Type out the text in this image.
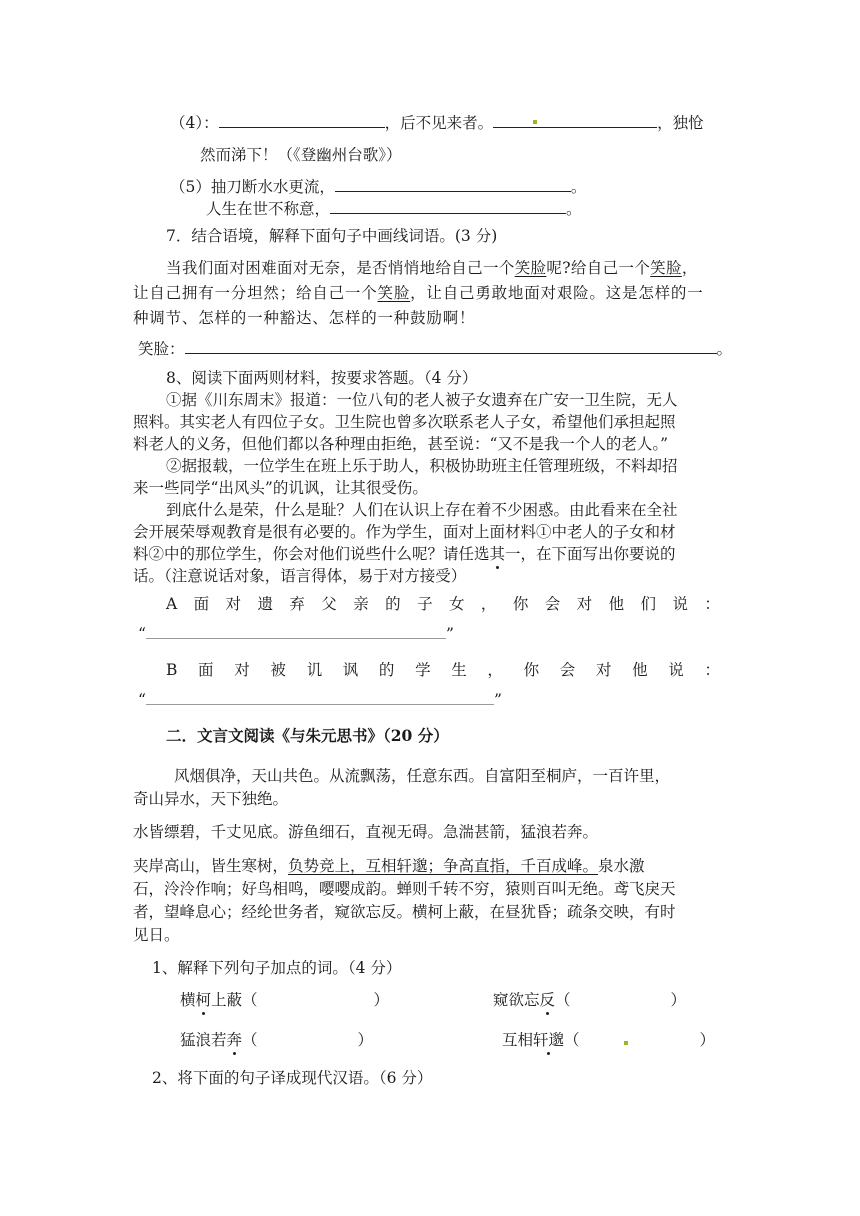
（4）：	，后不见来者。	，独怆
然而涕下！（《登幽州台歌》）
（5）抽刀断水水更流，	。
人生在世不称意，	。
7．结合语境，解释下面句子中画线词语。(3 分)
当我们面对困难面对无奈，是否悄悄地给自己一个笑脸呢?给自己一个笑脸，
让自己拥有一分坦然；给自己一个笑脸，让自己勇敢地面对艰险。这是怎样的一
种调节、怎样的一种豁达、怎样的一种鼓励啊！
笑脸：	。
8、阅读下面两则材料，按要求答题。（4 分）
①据《川东周末》报道：一位八旬的老人被子女遗弃在广安一卫生院，无人
照料。其实老人有四位子女。卫生院也曾多次联系老人子女，希望他们承担起照
料老人的义务，但他们都以各种理由拒绝，甚至说：“又不是我一个人的老人。”
②据报载，一位学生在班上乐于助人，积极协助班主任管理班级，不料却招
来一些同学“出风头”的讥讽，让其很受伤。
到底什么是荣，什么是耻？人们在认识上存在着不少困惑。由此看来在全社
会开展荣辱观教育是很有必要的。作为学生，面对上面材料①中老人的子女和材
料②中的那位学生，你会对他们说些什么呢？请任选其一，在下面写出你要说的
话。（注意说话对象，语言得体，易于对方接受）
A 面 对 遗 弃 父 亲 的 子 女 ， 你 会 对 他 们 说 ：
“	”
B 面 对 被 讥 讽 的 学 生 ， 你 会 对 他 说 ：
“	”
二．文言文阅读《与朱元思书》（20 分）
风烟俱净，天山共色。从流飘荡，任意东西。自富阳至桐庐，一百许里，
奇山异水，天下独绝。
水皆缥碧，千丈见底。游鱼细石，直视无碍。急湍甚箭，猛浪若奔。
夹岸高山，皆生寒树，负势竞上，互相轩邈；争高直指，千百成峰。泉水激
石，泠泠作响；好鸟相鸣，嘤嘤成韵。蝉则千转不穷，猿则百叫无绝。鸢飞戾天
者，望峰息心；经纶世务者，窥欲忘反。横柯上蔽，在昼犹昏；疏条交映，有时
见日。
1、解释下列句子加点的词。（4 分）
横柯上蔽（	）	窥欲忘反（	）
猛浪若奔（	）	互相轩邈（	）
2、将下面的句子译成现代汉语。（6 分）
